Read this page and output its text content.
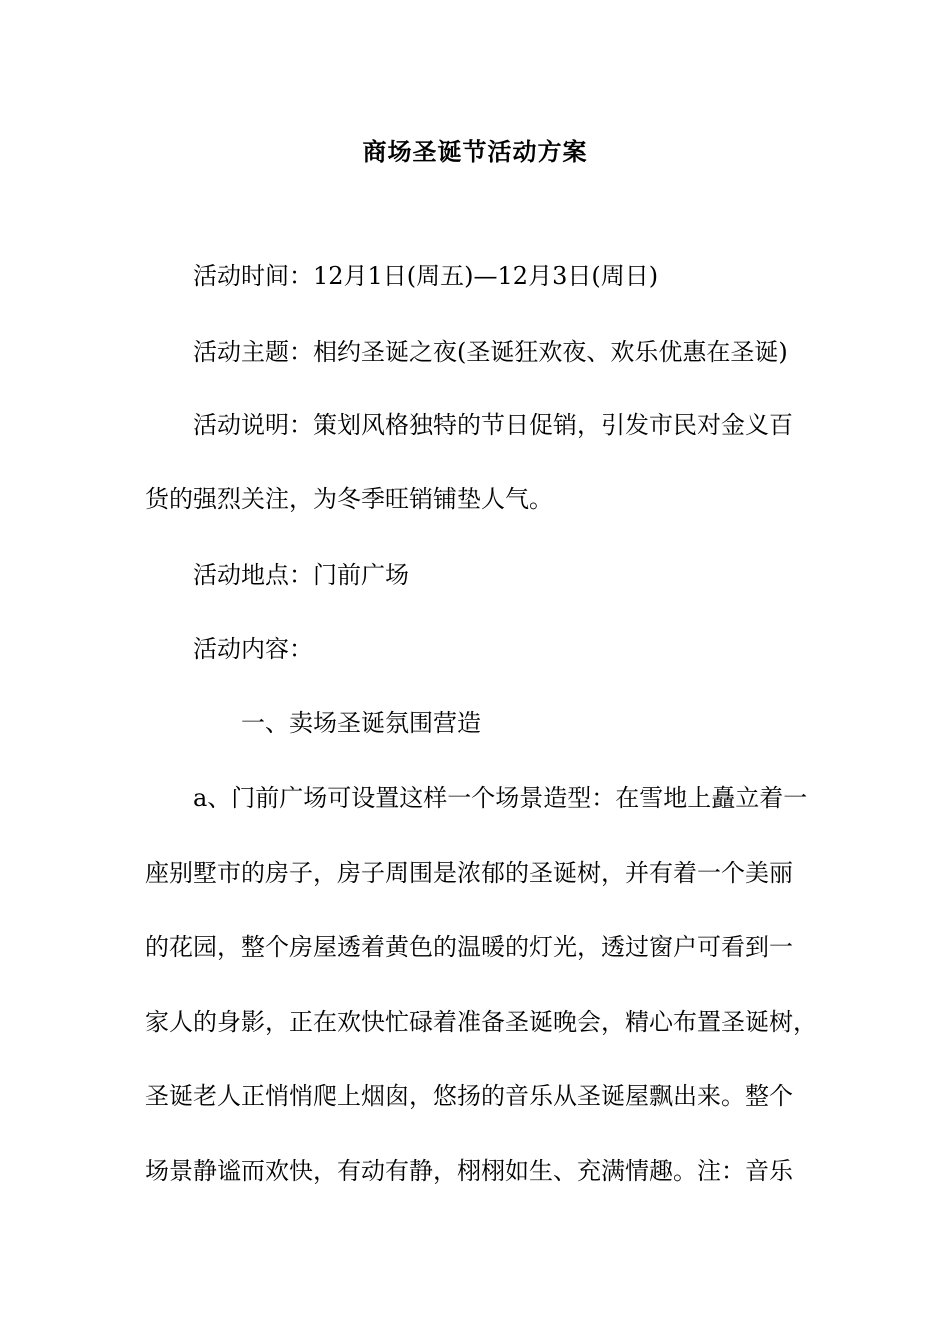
商场圣诞节活动方案
活动时间：12月1日(周五)—12月3日(周日)
活动主题：相约圣诞之夜(圣诞狂欢夜、欢乐优惠在圣诞)
活动说明：策划风格独特的节日促销，引发市民对金义百
货的强烈关注，为冬季旺销铺垫人气。
活动地点：门前广场
活动内容：
一、卖场圣诞氛围营造
a、门前广场可设置这样一个场景造型：在雪地上矗立着一
座别墅市的房子，房子周围是浓郁的圣诞树，并有着一个美丽
的花园，整个房屋透着黄色的温暖的灯光，透过窗户可看到一
家人的身影，正在欢快忙碌着准备圣诞晚会，精心布置圣诞树，
圣诞老人正悄悄爬上烟囱，悠扬的音乐从圣诞屋飘出来。整个
场景静谧而欢快，有动有静，栩栩如生、充满情趣。注：音乐
